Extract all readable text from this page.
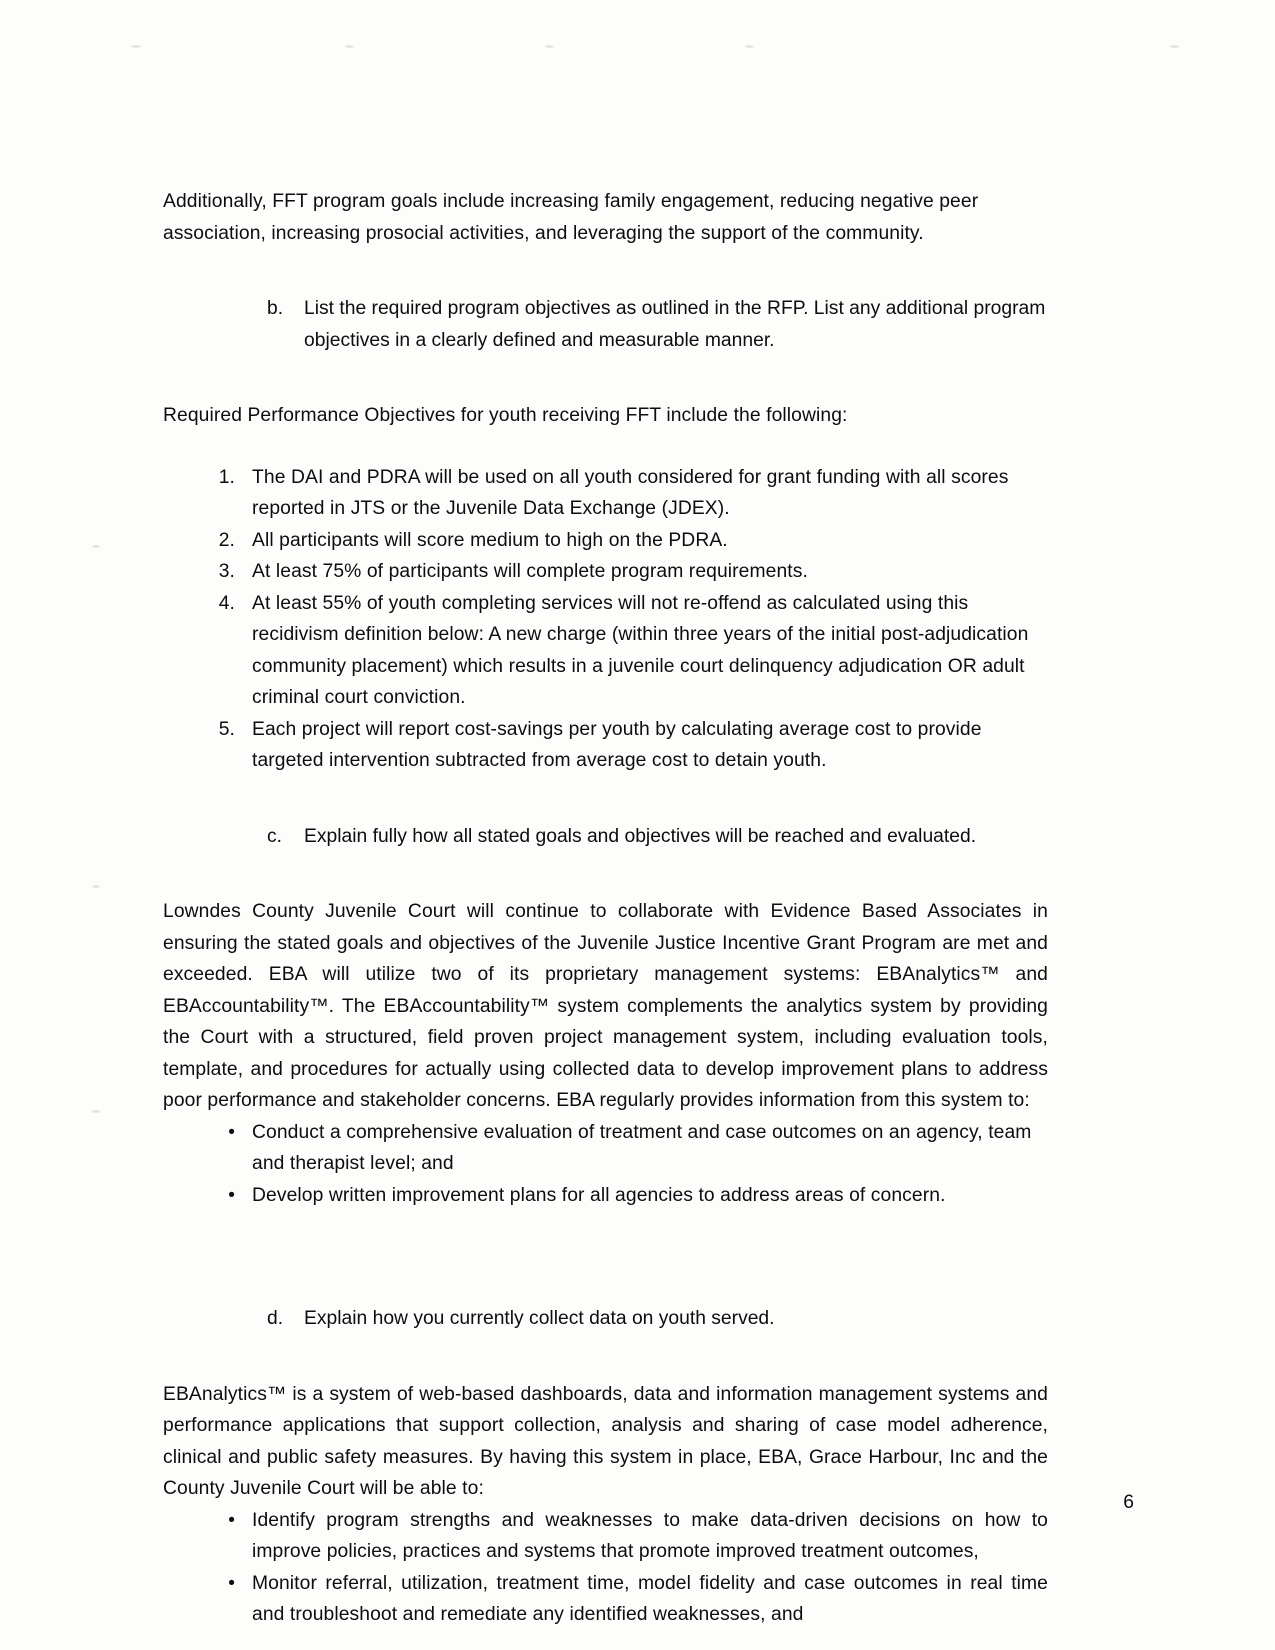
Additionally, FFT program goals include increasing family engagement, reducing negative peer association, increasing prosocial activities, and leveraging the support of the community.

b.	List the required program objectives as outlined in the RFP. List any additional program objectives in a clearly defined and measurable manner.

Required Performance Objectives for youth receiving FFT include the following:

1. The DAI and PDRA will be used on all youth considered for grant funding with all scores reported in JTS or the Juvenile Data Exchange (JDEX).
2. All participants will score medium to high on the PDRA.
3. At least 75% of participants will complete program requirements.
4. At least 55% of youth completing services will not re-offend as calculated using this recidivism definition below: A new charge (within three years of the initial post-adjudication community placement) which results in a juvenile court delinquency adjudication OR adult criminal court conviction.
5. Each project will report cost-savings per youth by calculating average cost to provide targeted intervention subtracted from average cost to detain youth.
c.	Explain fully how all stated goals and objectives will be reached and evaluated.

Lowndes County Juvenile Court will continue to collaborate with Evidence Based Associates in ensuring the stated goals and objectives of the Juvenile Justice Incentive Grant Program are met and exceeded. EBA will utilize two of its proprietary management systems: EBAnalytics™ and EBAccountability™. The EBAccountability™ system complements the analytics system by providing the Court with a structured, field proven project management system, including evaluation tools, template, and procedures for actually using collected data to develop improvement plans to address poor performance and stakeholder concerns. EBA regularly provides information from this system to:

• Conduct a comprehensive evaluation of treatment and case outcomes on an agency, team and therapist level; and
• Develop written improvement plans for all agencies to address areas of concern.
d.	Explain how you currently collect data on youth served.

EBAnalytics™ is a system of web-based dashboards, data and information management systems and performance applications that support collection, analysis and sharing of case model adherence, clinical and public safety measures. By having this system in place, EBA, Grace Harbour, Inc and the County Juvenile Court will be able to:

• Identify program strengths and weaknesses to make data-driven decisions on how to improve policies, practices and systems that promote improved treatment outcomes,
• Monitor referral, utilization, treatment time, model fidelity and case outcomes in real time and troubleshoot and remediate any identified weaknesses, and
6
